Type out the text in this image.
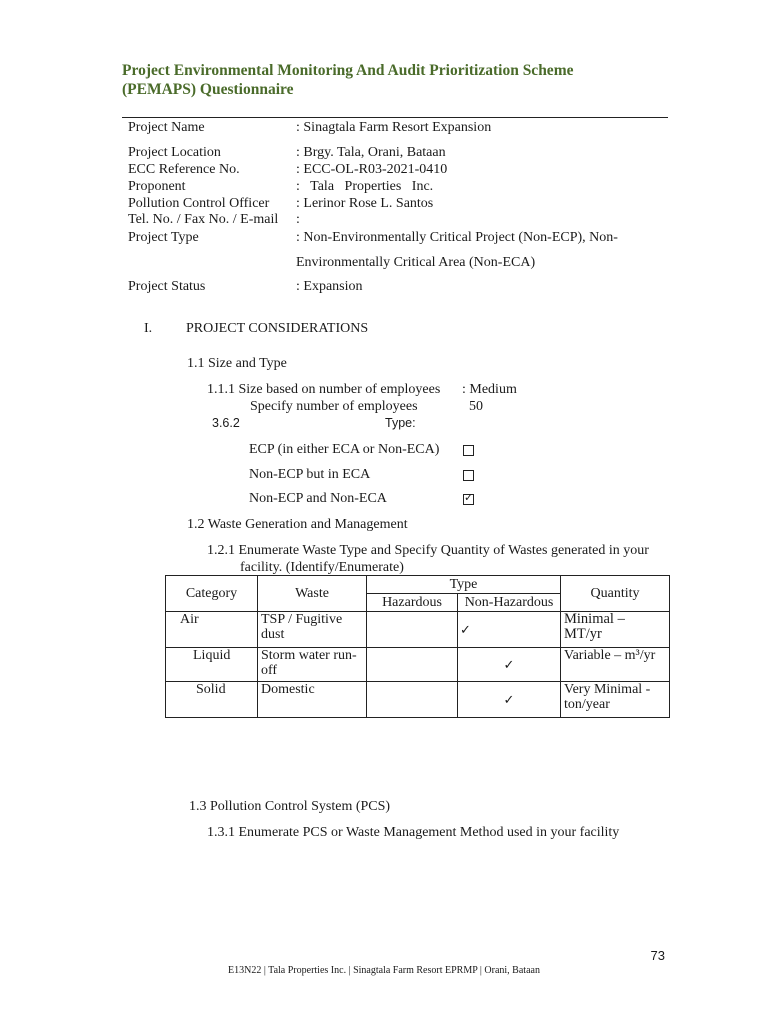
Project Environmental Monitoring And Audit Prioritization Scheme
(PEMAPS) Questionnaire
Project Name	: Sinagtala Farm Resort Expansion
Project Location	: Brgy. Tala, Orani, Bataan
ECC Reference No.	: ECC-OL-R03-2021-0410
Proponent	:   Tala   Properties   Inc.
Pollution Control Officer : Lerinor Rose L. Santos
Tel. No. / Fax No. / E-mail :
Project Type	: Non-Environmentally Critical Project (Non-ECP), Non-
Environmentally Critical Area (Non-ECA)
Project Status	: Expansion
I. PROJECT CONSIDERATIONS
1.1 Size and Type
1.1.1 Size based on number of employees : Medium
Specify number of employees	50
3.6.2	Type:
ECP (in either ECA or Non-ECA)
Non-ECP but in ECA
Non-ECP and Non-ECA	✓
1.2 Waste Generation and Management
1.2.1 Enumerate Waste Type and Specify Quantity of Wastes generated in your
facility. (Identify/Enumerate)
Category	Waste	Type		Quantity
		Hazardous	Non-Hazardous	
Air	TSP / Fugitive dust		✓	Minimal – MT/yr
Liquid	Storm water run-off		✓	Variable – m³/yr
Solid	Domestic		✓	Very Minimal - ton/year
1.3 Pollution Control System (PCS)
1.3.1 Enumerate PCS or Waste Management Method used in your facility
73
E13N22 | Tala Properties Inc. | Sinagtala Farm Resort EPRMP | Orani, Bataan
